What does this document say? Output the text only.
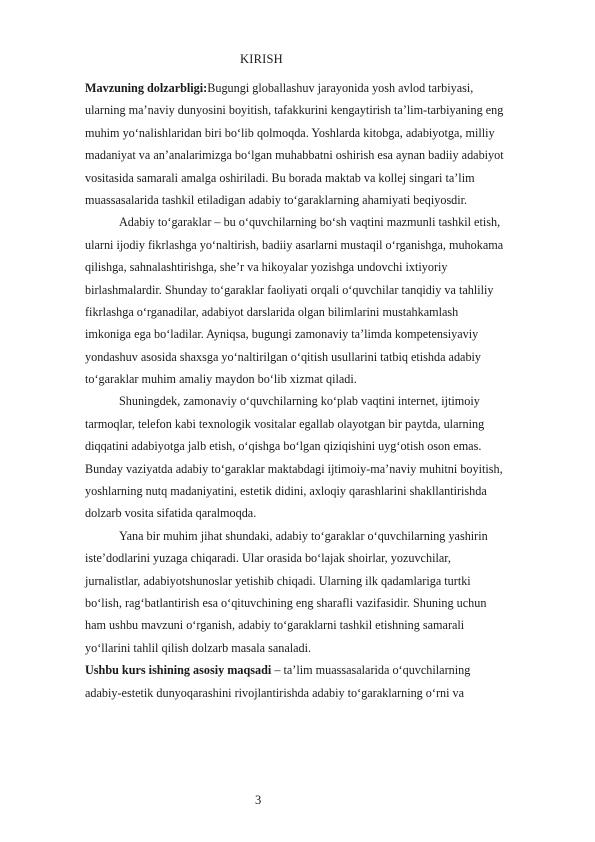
KIRISH
Mavzuning dolzarbligi:Bugungi globallashuv jarayonida yosh avlod tarbiyasi,
ularning ma’naviy dunyosini boyitish, tafakkurini kengaytirish ta’lim-tarbiyaning eng
muhim yo‘nalishlaridan biri bo‘lib qolmoqda. Yoshlarda kitobga, adabiyotga, milliy
madaniyat va an’analarimizga bo‘lgan muhabbatni oshirish esa aynan badiiy adabiyot
vositasida samarali amalga oshiriladi. Bu borada maktab va kollej singari ta’lim
muassasalarida tashkil etiladigan adabiy to‘garaklarning ahamiyati beqiyosdir.
Adabiy to‘garaklar – bu o‘quvchilarning bo‘sh vaqtini mazmunli tashkil etish,
ularni ijodiy fikrlashga yo‘naltirish, badiiy asarlarni mustaqil o‘rganishga, muhokama
qilishga, sahnalashtirishga, she’r va hikoyalar yozishga undovchi ixtiyoriy
birlashmalardir. Shunday to‘garaklar faoliyati orqali o‘quvchilar tanqidiy va tahliliy
fikrlashga o‘rganadilar, adabiyot darslarida olgan bilimlarini mustahkamlash
imkoniga ega bo‘ladilar. Ayniqsa, bugungi zamonaviy ta’limda kompetensiyaviy
yondashuv asosida shaxsga yo‘naltirilgan o‘qitish usullarini tatbiq etishda adabiy
to‘garaklar muhim amaliy maydon bo‘lib xizmat qiladi.
Shuningdek, zamonaviy o‘quvchilarning ko‘plab vaqtini internet, ijtimoiy
tarmoqlar, telefon kabi texnologik vositalar egallab olayotgan bir paytda, ularning
diqqatini adabiyotga jalb etish, o‘qishga bo‘lgan qiziqishini uyg‘otish oson emas.
Bunday vaziyatda adabiy to‘garaklar maktabdagi ijtimoiy-ma’naviy muhitni boyitish,
yoshlarning nutq madaniyatini, estetik didini, axloqiy qarashlarini shakllantirishda
dolzarb vosita sifatida qaralmoqda.
Yana bir muhim jihat shundaki, adabiy to‘garaklar o‘quvchilarning yashirin
iste’dodlarini yuzaga chiqaradi. Ular orasida bo‘lajak shoirlar, yozuvchilar,
jurnalistlar, adabiyotshunoslar yetishib chiqadi. Ularning ilk qadamlariga turtki
bo‘lish, rag‘batlantirish esa o‘qituvchining eng sharafli vazifasidir. Shuning uchun
ham ushbu mavzuni o‘rganish, adabiy to‘garaklarni tashkil etishning samarali
yo‘llarini tahlil qilish dolzarb masala sanaladi.
Ushbu kurs ishining asosiy maqsadi – ta’lim muassasalarida o‘quvchilarning
adabiy-estetik dunyoqarashini rivojlantirishda adabiy to‘garaklarning o‘rni va
3
